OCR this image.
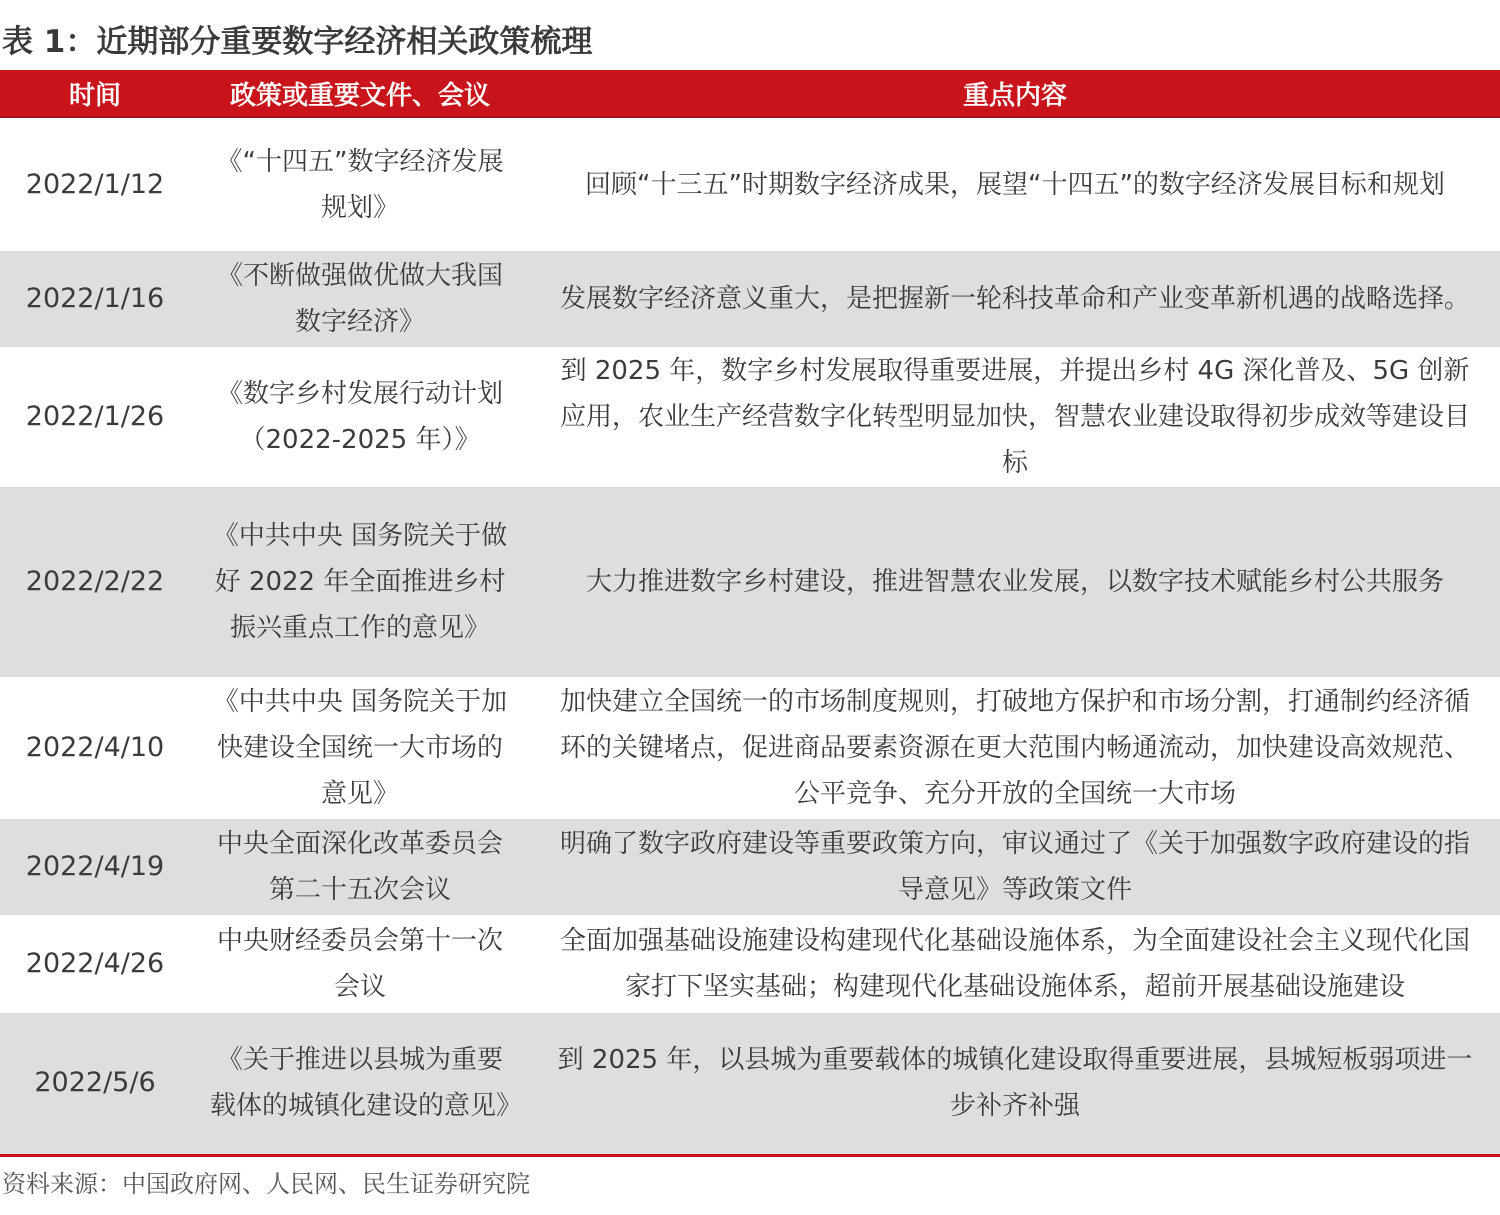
表 1：近期部分重要数字经济相关政策梳理
时间	政策或重要文件、会议	重点内容
2022/1/12	《“十四五”数字经济发展规划》	回顾“十三五”时期数字经济成果，展望“十四五”的数字经济发展目标和规划
2022/1/16	《不断做强做优做大我国数字经济》	发展数字经济意义重大，是把握新一轮科技革命和产业变革新机遇的战略选择。
2022/1/26	《数字乡村发展行动计划（2022-2025 年）》	到 2025 年，数字乡村发展取得重要进展，并提出乡村 4G 深化普及、5G 创新应用，农业生产经营数字化转型明显加快，智慧农业建设取得初步成效等建设目标
2022/2/22	《中共中央 国务院关于做好 2022 年全面推进乡村振兴重点工作的意见》	大力推进数字乡村建设，推进智慧农业发展，以数字技术赋能乡村公共服务
2022/4/10	《中共中央 国务院关于加快建设全国统一大市场的意见》	加快建立全国统一的市场制度规则，打破地方保护和市场分割，打通制约经济循环的关键堵点，促进商品要素资源在更大范围内畅通流动，加快建设高效规范、公平竞争、充分开放的全国统一大市场
2022/4/19	中央全面深化改革委员会第二十五次会议	明确了数字政府建设等重要政策方向，审议通过了《关于加强数字政府建设的指导意见》等政策文件
2022/4/26	中央财经委员会第十一次会议	全面加强基础设施建设构建现代化基础设施体系，为全面建设社会主义现代化国家打下坚实基础；构建现代化基础设施体系，超前开展基础设施建设
2022/5/6	《关于推进以县城为重要载体的城镇化建设的意见》	到 2025 年，以县城为重要载体的城镇化建设取得重要进展，县城短板弱项进一步补齐补强
资料来源：中国政府网、人民网、民生证券研究院
